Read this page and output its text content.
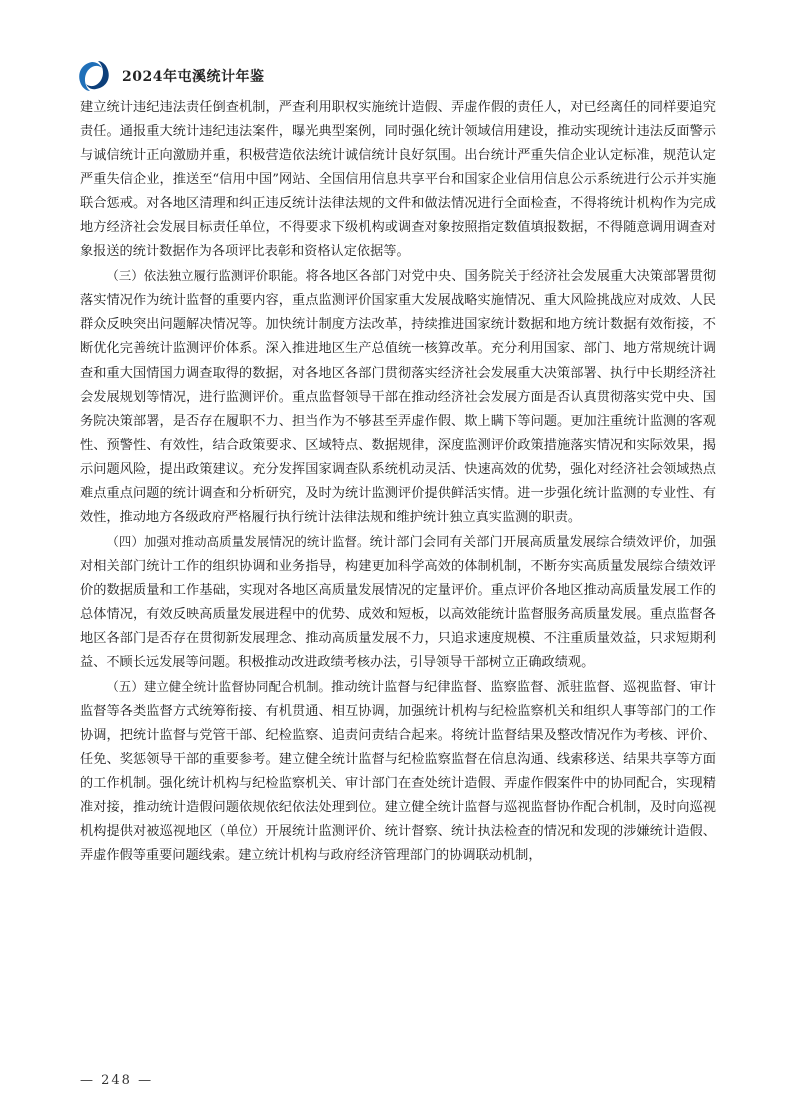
2024年屯溪统计年鉴

建立统计违纪违法责任倒查机制，严查利用职权实施统计造假、弄虚作假的责任人，对已经离任的同样要追究责任。通报重大统计违纪违法案件，曝光典型案例，同时强化统计领域信用建设，推动实现统计违法反面警示与诚信统计正向激励并重，积极营造依法统计诚信统计良好氛围。出台统计严重失信企业认定标准，规范认定严重失信企业，推送至“信用中国”网站、全国信用信息共享平台和国家企业信用信息公示系统进行公示并实施联合惩戒。对各地区清理和纠正违反统计法律法规的文件和做法情况进行全面检查，不得将统计机构作为完成地方经济社会发展目标责任单位，不得要求下级机构或调查对象按照指定数值填报数据，不得随意调用调查对象报送的统计数据作为各项评比表彰和资格认定依据等。

（三）依法独立履行监测评价职能。将各地区各部门对党中央、国务院关于经济社会发展重大决策部署贯彻落实情况作为统计监督的重要内容，重点监测评价国家重大发展战略实施情况、重大风险挑战应对成效、人民群众反映突出问题解决情况等。加快统计制度方法改革，持续推进国家统计数据和地方统计数据有效衔接，不断优化完善统计监测评价体系。深入推进地区生产总值统一核算改革。充分利用国家、部门、地方常规统计调查和重大国情国力调查取得的数据，对各地区各部门贯彻落实经济社会发展重大决策部署、执行中长期经济社会发展规划等情况，进行监测评价。重点监督领导干部在推动经济社会发展方面是否认真贯彻落实党中央、国务院决策部署，是否存在履职不力、担当作为不够甚至弄虚作假、欺上瞒下等问题。更加注重统计监测的客观性、预警性、有效性，结合政策要求、区域特点、数据规律，深度监测评价政策措施落实情况和实际效果，揭示问题风险，提出政策建议。充分发挥国家调查队系统机动灵活、快速高效的优势，强化对经济社会领域热点难点重点问题的统计调查和分析研究，及时为统计监测评价提供鲜活实情。进一步强化统计监测的专业性、有效性，推动地方各级政府严格履行执行统计法律法规和维护统计独立真实监测的职责。

（四）加强对推动高质量发展情况的统计监督。统计部门会同有关部门开展高质量发展综合绩效评价，加强对相关部门统计工作的组织协调和业务指导，构建更加科学高效的体制机制，不断夯实高质量发展综合绩效评价的数据质量和工作基础，实现对各地区高质量发展情况的定量评价。重点评价各地区推动高质量发展工作的总体情况，有效反映高质量发展进程中的优势、成效和短板，以高效能统计监督服务高质量发展。重点监督各地区各部门是否存在贯彻新发展理念、推动高质量发展不力，只追求速度规模、不注重质量效益，只求短期利益、不顾长远发展等问题。积极推动改进政绩考核办法，引导领导干部树立正确政绩观。

（五）建立健全统计监督协同配合机制。推动统计监督与纪律监督、监察监督、派驻监督、巡视监督、审计监督等各类监督方式统筹衔接、有机贯通、相互协调，加强统计机构与纪检监察机关和组织人事等部门的工作协调，把统计监督与党管干部、纪检监察、追责问责结合起来。将统计监督结果及整改情况作为考核、评价、任免、奖惩领导干部的重要参考。建立健全统计监督与纪检监察监督在信息沟通、线索移送、结果共享等方面的工作机制。强化统计机构与纪检监察机关、审计部门在查处统计造假、弄虚作假案件中的协同配合，实现精准对接，推动统计造假问题依规依纪依法处理到位。建立健全统计监督与巡视监督协作配合机制，及时向巡视机构提供对被巡视地区（单位）开展统计监测评价、统计督察、统计执法检查的情况和发现的涉嫌统计造假、弄虚作假等重要问题线索。建立统计机构与政府经济管理部门的协调联动机制，

— 248 —
